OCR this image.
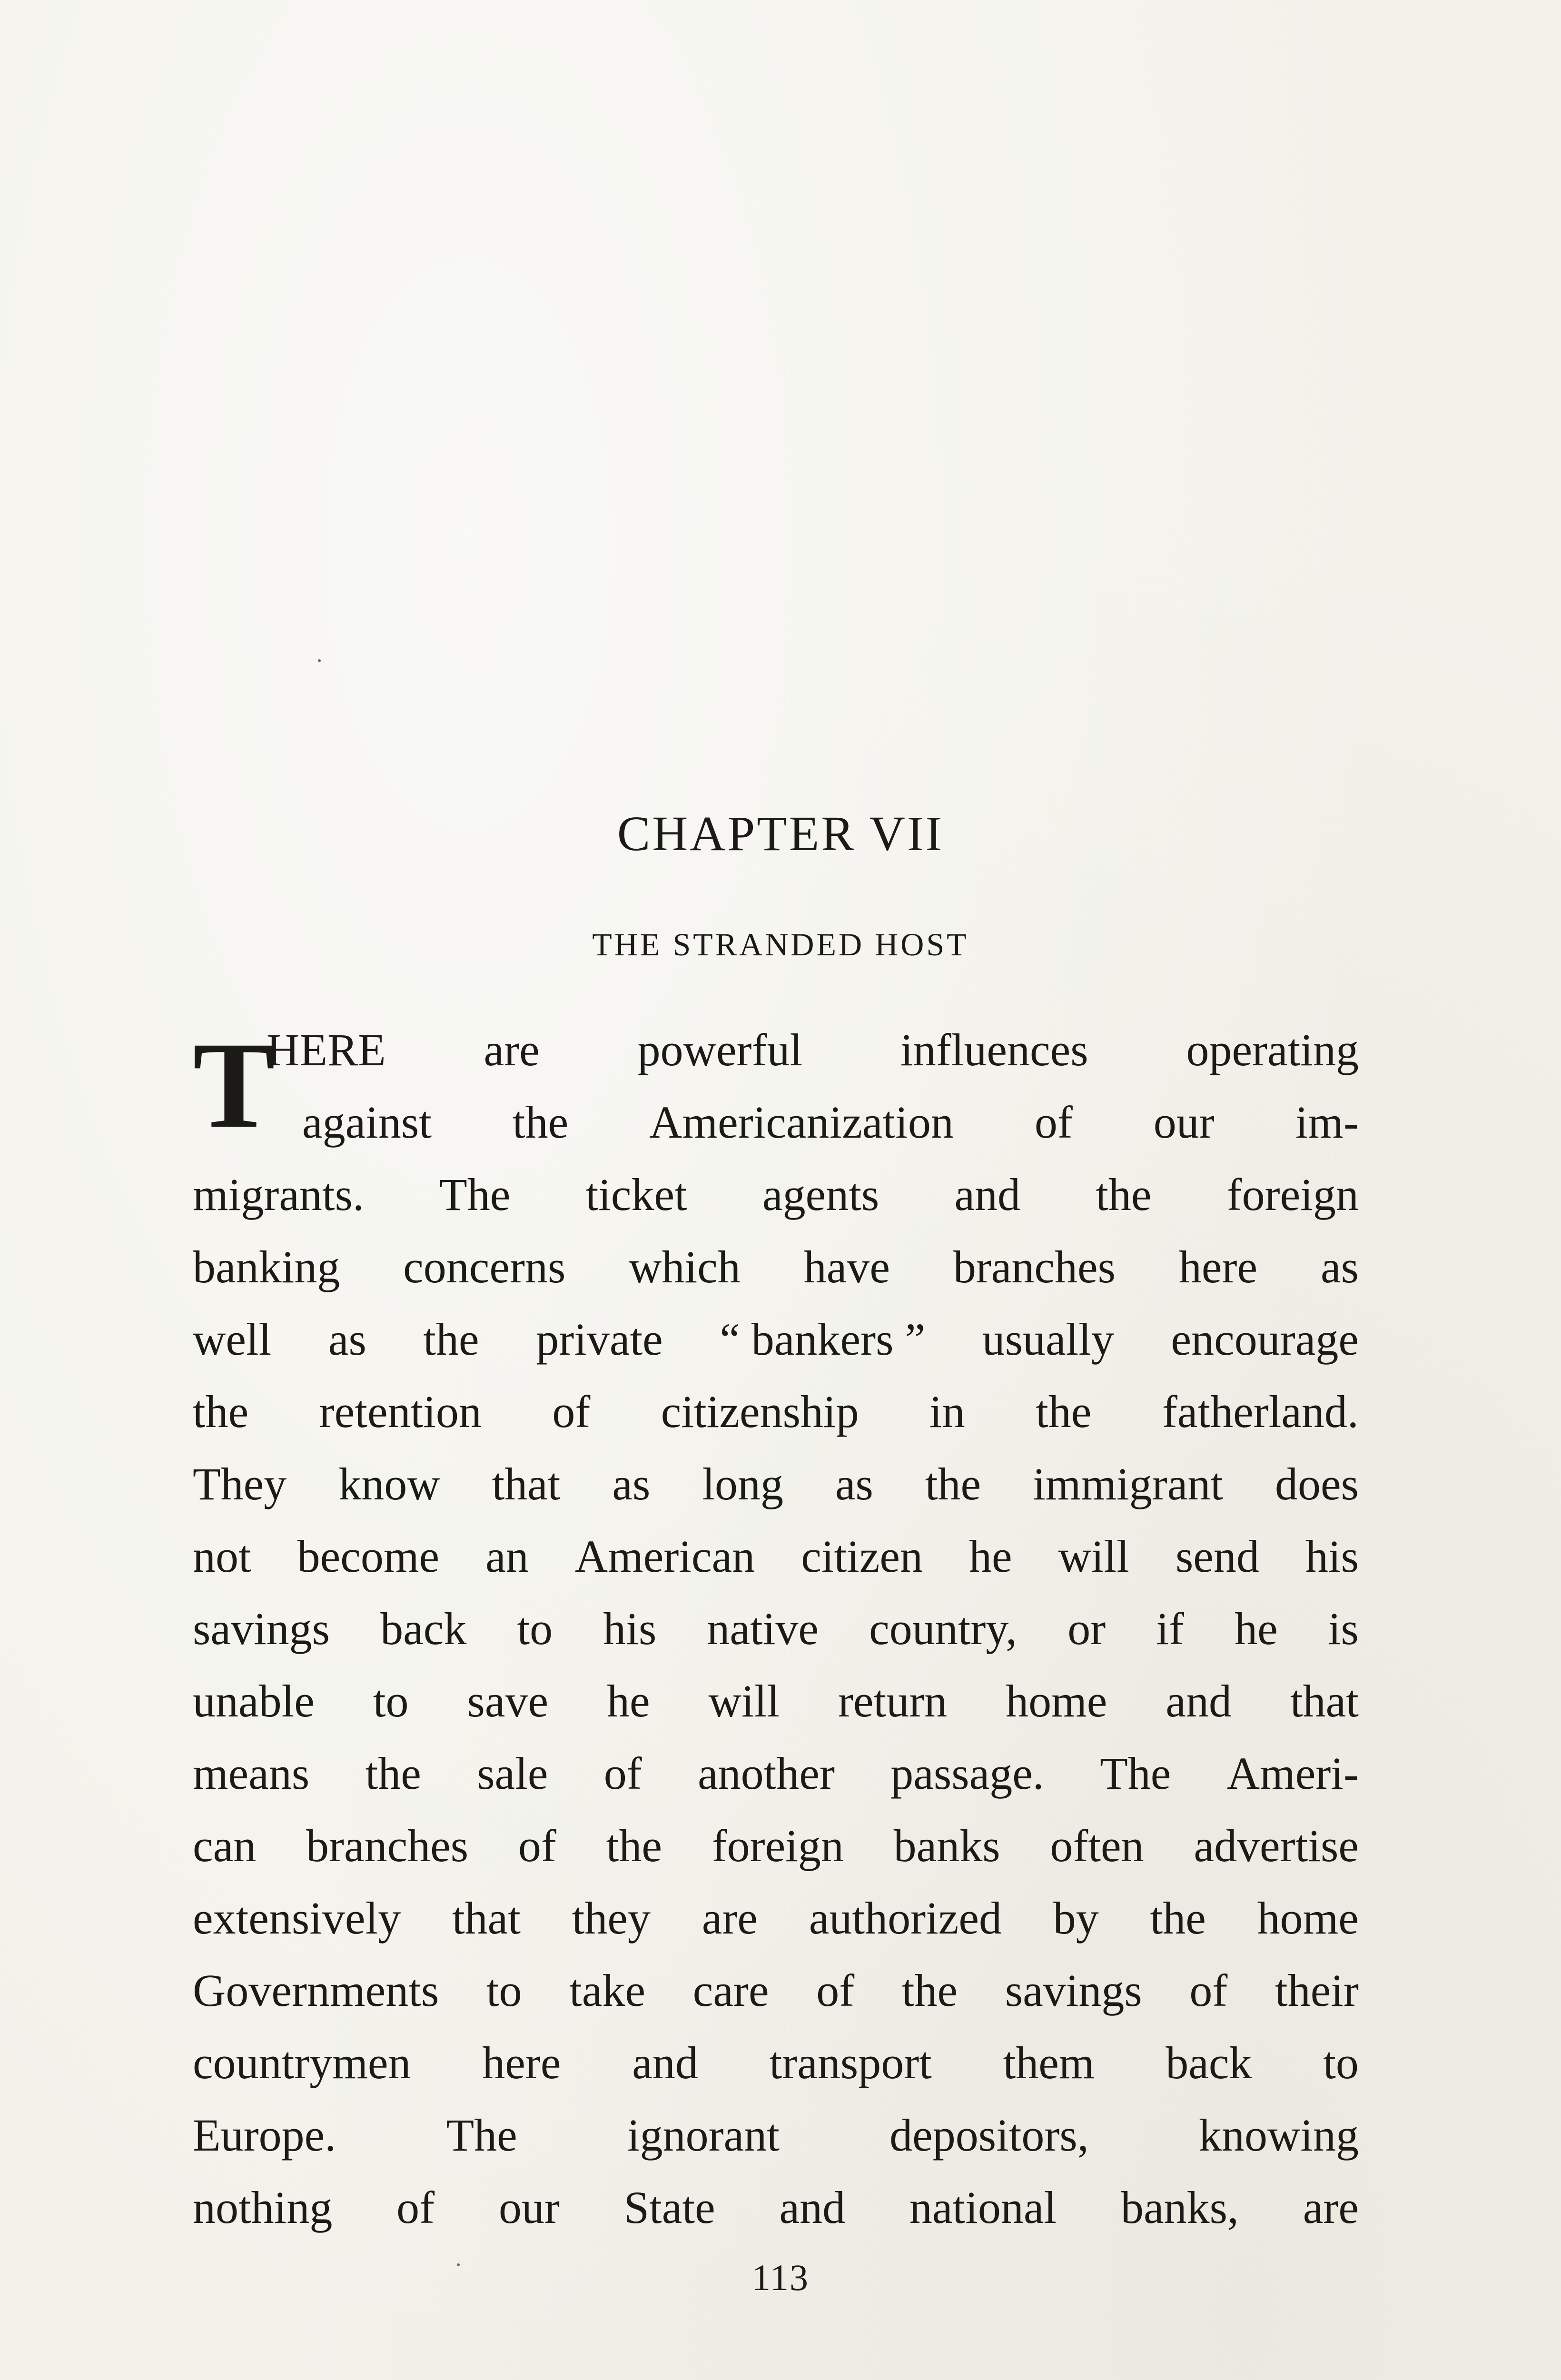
CHAPTER VII
THE STRANDED HOST
T
HERE are powerful influences operating
against the Americanization of our im-
migrants. The ticket agents and the foreign
banking concerns which have branches here as
well as the private “ bankers ” usually encourage
the retention of citizenship in the fatherland.
They know that as long as the immigrant does
not become an American citizen he will send his
savings back to his native country, or if he is
unable to save he will return home and that
means the sale of another passage. The Ameri-
can branches of the foreign banks often advertise
extensively that they are authorized by the home
Governments to take care of the savings of their
countrymen here and transport them back to
Europe. The ignorant depositors, knowing
nothing of our State and national banks, are
113
